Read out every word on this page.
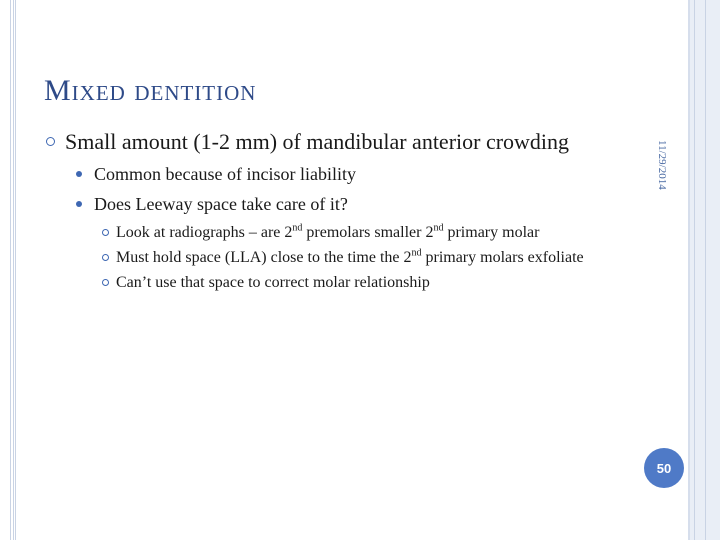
Mixed dentition
11/29/2014
Small amount (1-2 mm) of mandibular anterior crowding
Common because of incisor liability
Does Leeway space take care of it?
Look at radiographs – are 2nd premolars smaller 2nd primary molar
Must hold space (LLA) close to the time the 2nd primary molars exfoliate
Can’t use that space to correct molar relationship
50
